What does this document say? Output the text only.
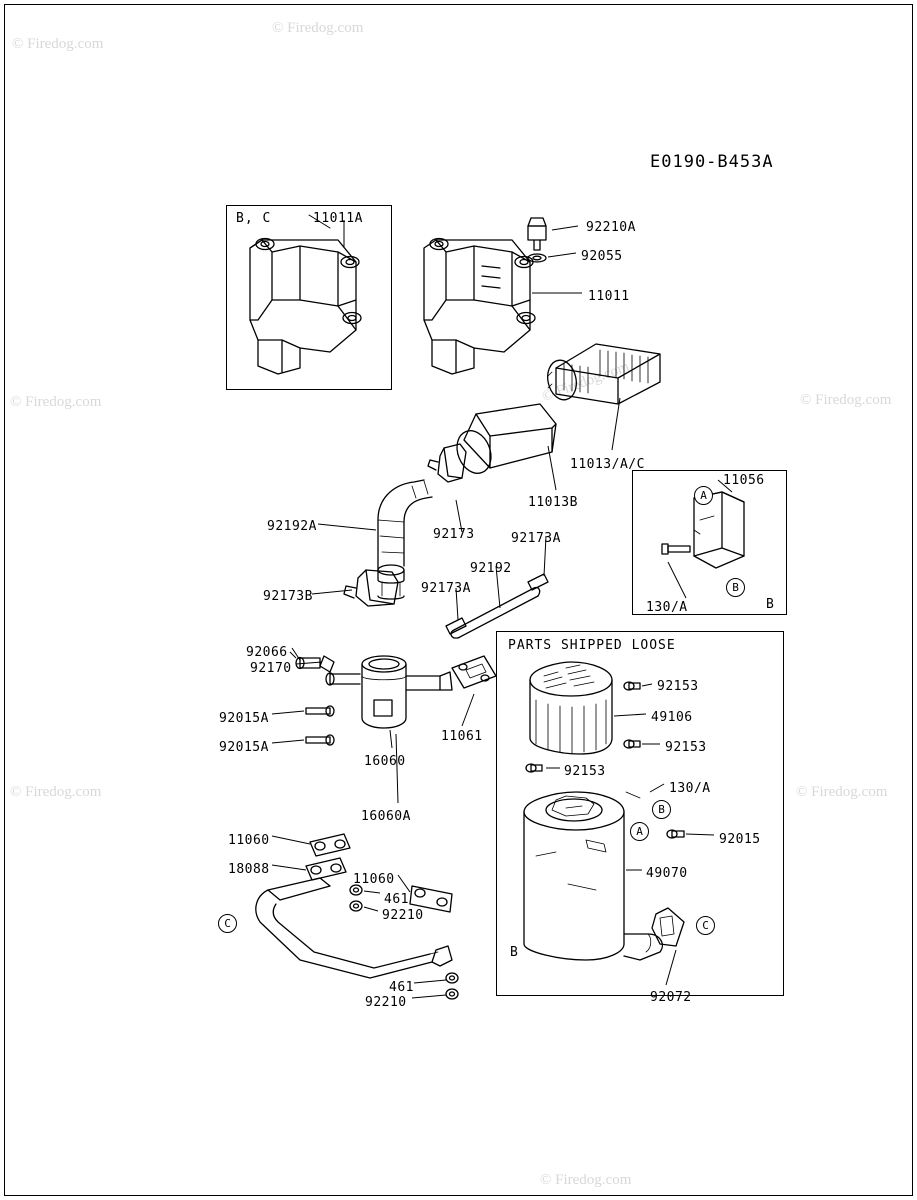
© Firedog.com
© Firedog.com
© Firedog.com	© Firedog.com	© Firedog.com
© Firedog.com	© Firedog.com
© Firedog.com
E0190-B453A
B, C
PARTS SHIPPED LOOSE
A
B
B
B
A
B
C	C
11011A
92210A
92055
11011
11013/A/C
11013B
11056
92192A
92173	92173A
92192
130/A
92173B
92173A
92066
92170
92015A
92015A
11061
16060
16060A
92153
49106
92153
92153
130/A
92015
49070
11060
18088
11060
461
92210
461
92210	92072
